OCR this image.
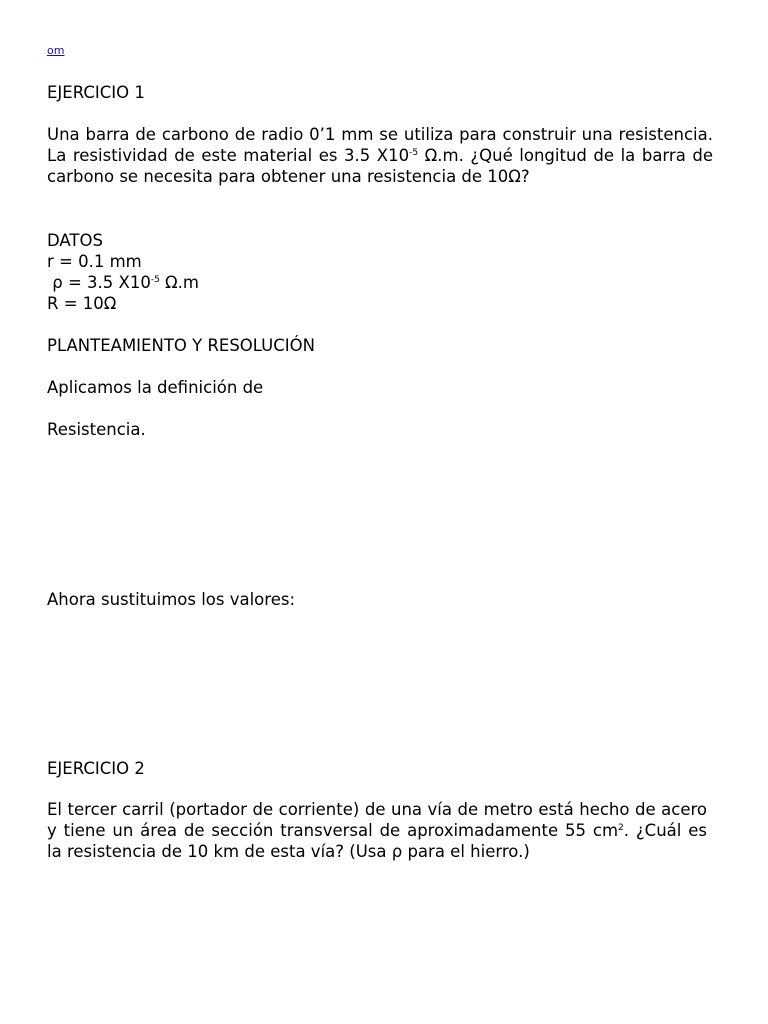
om
EJERCICIO 1

Una barra de carbono de radio 0’1 mm se utiliza para construir una resistencia. La resistividad de este material es 3.5 $X10^{-5}$ Ω.m. ¿Qué longitud de la barra de carbono se necesita para obtener una resistencia de 10Ω?

DATOS
r = 0.1 mm
ρ = 3.5 $X10^{-5}$ Ω.m
R = 10Ω
PLANTEAMIENTO Y RESOLUCIÓN
Aplicamos la definición de
Resistencia.
Ahora sustituimos los valores:
EJERCICIO 2

El tercer carril (portador de corriente) de una vía de metro está hecho de acero y tiene un área de sección transversal de aproximadamente 55 $cm^2$. ¿Cuál es la resistencia de 10 km de esta vía? (Usa ρ para el hierro.)
